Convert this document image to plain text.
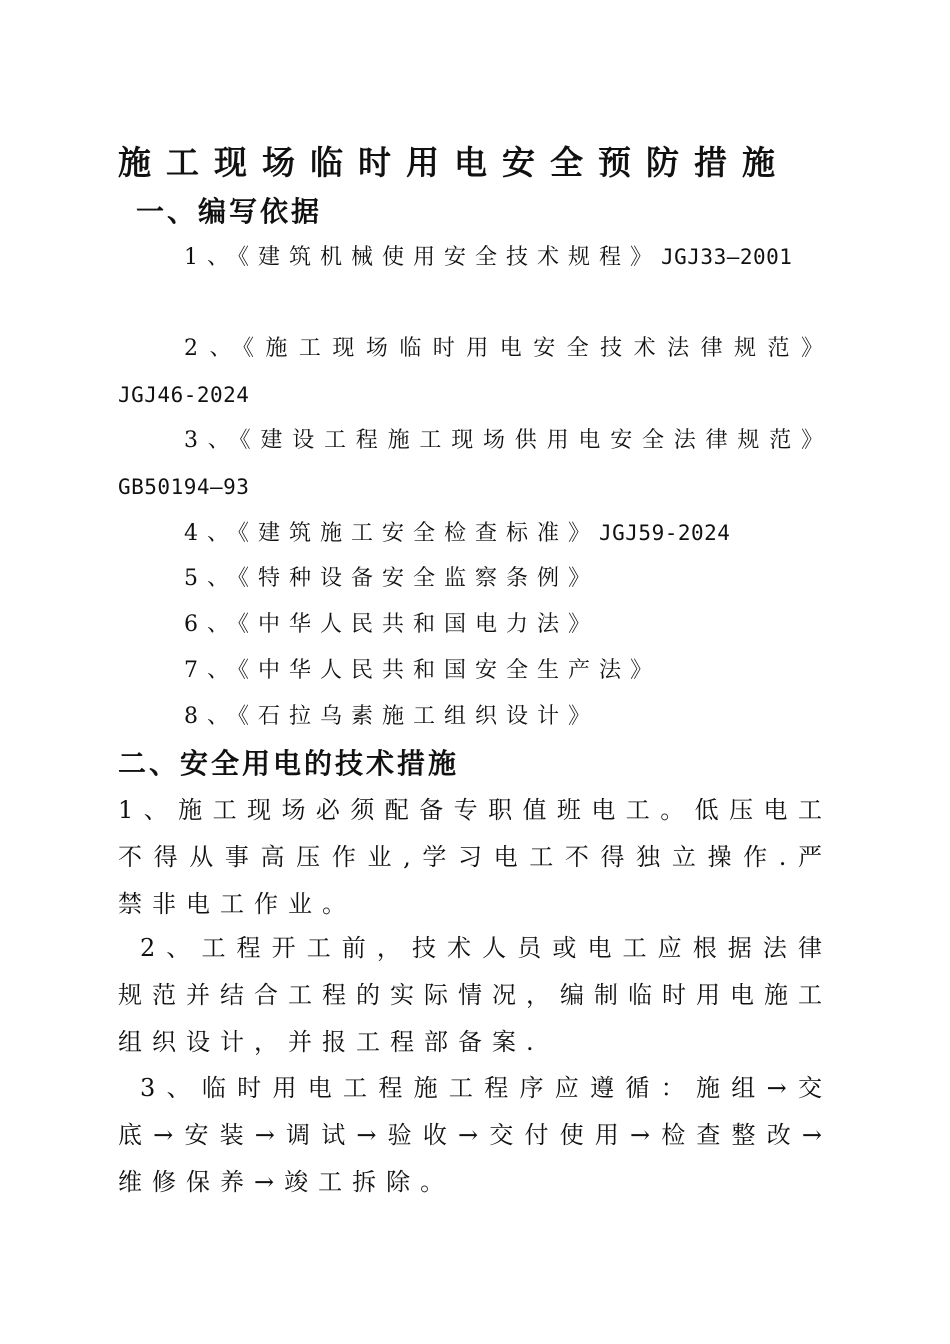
施工现场临时用电安全预防措施
一、编写依据
1、《建筑机械使用安全技术规程》JGJ33—2001
2、《施工现场临时用电安全技术法律规范》JGJ46-2024
3、《建设工程施工现场供用电安全法律规范》GB50194—93
4、《建筑施工安全检查标准》JGJ59-2024
5、《特种设备安全监察条例》
6、《中华人民共和国电力法》
7、《中华人民共和国安全生产法》
8、《石拉乌素施工组织设计》
二、安全用电的技术措施
1、施工现场必须配备专职值班电工。低压电工不得从事高压作业,学习电工不得独立操作.严禁非电工作业。
2、工程开工前，技术人员或电工应根据法律规范并结合工程的实际情况，编制临时用电施工组织设计，并报工程部备案.
3、临时用电工程施工程序应遵循：施组→交底→安装→调试→验收→交付使用→检查整改→维修保养→竣工拆除。
